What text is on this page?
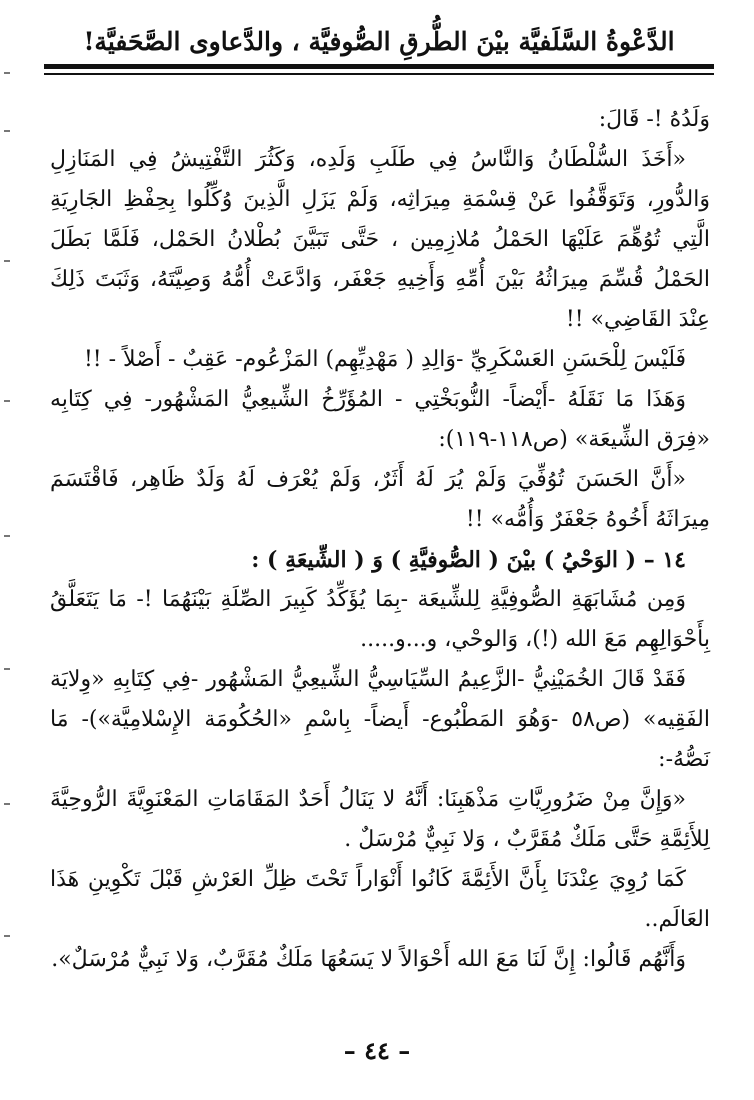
الدَّعْوةُ السَّلَفيَّة بيْنَ الطُّرقِ الصُّوفيَّة ، والدَّعاوى الصَّحَفيَّة!

وَلَدُهُ !- قَالَ:

«أَخَذَ السُّلْطَانُ وَالنَّاسُ فِي طَلَبِ وَلَدِه، وَكَثُرَ التَّفْتِيشُ فِي المَنَازِلِ وَالدُّورِ، وَتَوَقَّفُوا عَنْ قِسْمَةِ مِيرَاثِه، وَلَمْ يَزَلِ الَّذِينَ وُكِّلُوا بِحِفْظِ الجَارِيَةِ الَّتِي تُوُهِّمَ عَلَيْهَا الحَمْلُ مُلازِمِين ، حَتَّى تَبَيَّنَ بُطْلانُ الحَمْل، فَلَمَّا بَطَلَ الحَمْلُ قُسِّمَ مِيرَاثُهُ بَيْنَ أُمِّهِ وَأَخِيهِ جَعْفَر، وَادَّعَتْ أُمُّهُ وَصِيَّتَهُ، وَثَبَتَ ذَلِكَ عِنْدَ القَاضِي» !!

فَلَيْسَ لِلْحَسَنِ العَسْكَرِيِّ -وَالِدِ ( مَهْدِيِّهِم) المَزْعُوم- عَقِبٌ - أَصْلاً - !!

وَهَذَا مَا نَقَلَهُ -أَيْضاً- النُّوبَخْتِي - المُؤَرِّخُ الشِّيعِيُّ المَشْهُور- فِي كِتَابِه «فِرَق الشِّيعَة» (ص١١٨-١١٩):

«أَنَّ الحَسَنَ تُوُفِّيَ وَلَمْ يُرَ لَهُ أَثَرٌ، وَلَمْ يُعْرَف لَهُ وَلَدٌ ظَاهِر، فَاقْتَسَمَ مِيرَاثَهُ أَخُوهُ جَعْفَرٌ وَأُمُّه» !!

١٤ – ( الوَحْيُ ) بيْنَ ( الصُّوفيَّةِ ) وَ ( الشِّيعَةِ ) :

وَمِن مُشَابَهَةِ الصُّوفِيَّةِ لِلشِّيعَة -بِمَا يُؤَكِّدُ كَبِيرَ الصِّلَةِ بَيْنَهُمَا !- مَا يَتَعَلَّقُ بِأَحْوَالِهِم مَعَ الله (!)، وَالوحْي، و...و.....

فَقَدْ قَالَ الخُمَيْنِيُّ -الزَّعِيمُ السِّيَاسِيُّ الشِّيعِيُّ المَشْهُور -فِي كِتَابِهِ «وِلايَة الفَقِيه» (ص٥٨ -وَهُوَ المَطْبُوع- أَيضاً- بِاسْمِ «الحُكُومَة الإِسْلامِيَّة»)- مَا نَصُّهُ-:

«وَإِنَّ مِنْ ضَرُورِيَّاتِ مَذْهَبِنَا: أَنَّهُ لا يَنَالُ أَحَدٌ المَقَامَاتِ المَعْنَوِيَّةَ الرُّوحِيَّةَ لِلأَئِمَّةِ حَتَّى مَلَكٌ مُقَرَّبٌ ، وَلا نَبِيٌّ مُرْسَلٌ .

كَمَا رُوِيَ عِنْدَنَا بِأَنَّ الأَئِمَّةَ كَانُوا أَنْوَاراً تَحْتَ ظِلِّ العَرْشِ قَبْلَ تَكْوِينِ هَذَا العَالَم..

وَأَنَّهُم قَالُوا: إِنَّ لَنَا مَعَ الله أَحْوَالاً لا يَسَعُهَا مَلَكٌ مُقَرَّبٌ، وَلا نَبِيٌّ مُرْسَلٌ».

– ٤٤ –
